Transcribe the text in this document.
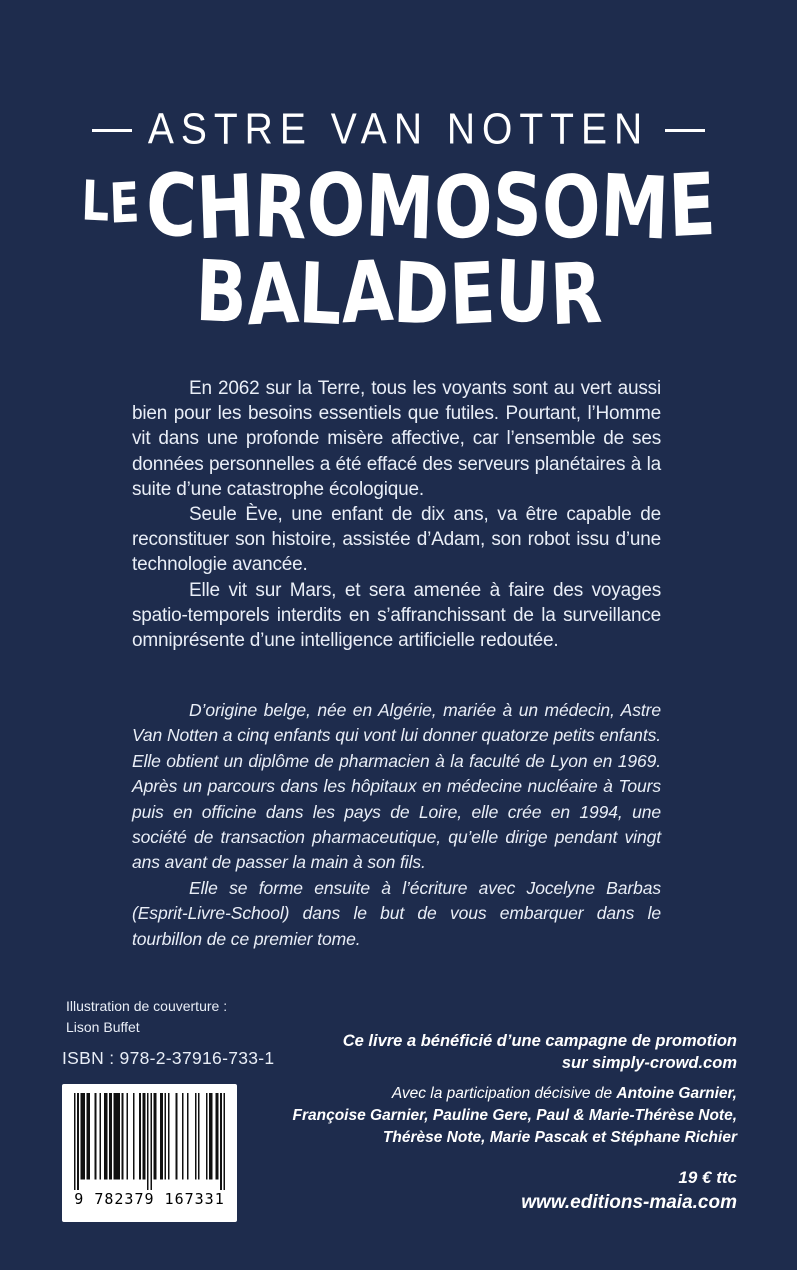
ASTRE VAN NOTTEN
LECHROMOSOME
BALADEUR

En 2062 sur la Terre, tous les voyants sont au vert aussi bien pour les besoins essentiels que futiles. Pourtant, l’Homme vit dans une profonde misère affective, car l’ensemble de ses données personnelles a été effacé des serveurs planétaires à la suite d’une catastrophe écologique.

Seule Ève, une enfant de dix ans, va être capable de reconstituer son histoire, assistée d’Adam, son robot issu d’une technologie avancée.

Elle vit sur Mars, et sera amenée à faire des voyages spatio-temporels interdits en s’affranchissant de la surveillance omniprésente d’une intelligence artificielle redoutée.

D’origine belge, née en Algérie, mariée à un médecin, Astre Van Notten a cinq enfants qui vont lui donner quatorze petits enfants. Elle obtient un diplôme de pharmacien à la faculté de Lyon en 1969. Après un parcours dans les hôpitaux en médecine nucléaire à Tours puis en officine dans les pays de Loire, elle crée en 1994, une société de transaction pharmaceutique, qu’elle dirige pendant vingt ans avant de passer la main à son fils.

Elle se forme ensuite à l’écriture avec Jocelyne Barbas (Esprit-Livre-School) dans le but de vous embarquer dans le tourbillon de ce premier tome.

Illustration de couverture :
Lison Buffet
ISBN : 978-2-37916-733-1
9 782379 167331
Ce livre a bénéficié d’une campagne de promotion
sur simply-crowd.com
Avec la participation décisive de Antoine Garnier,
Françoise Garnier, Pauline Gere, Paul & Marie-Thérèse Note,
Thérèse Note, Marie Pascak et Stéphane Richier
19 € ttc
www.editions-maia.com
